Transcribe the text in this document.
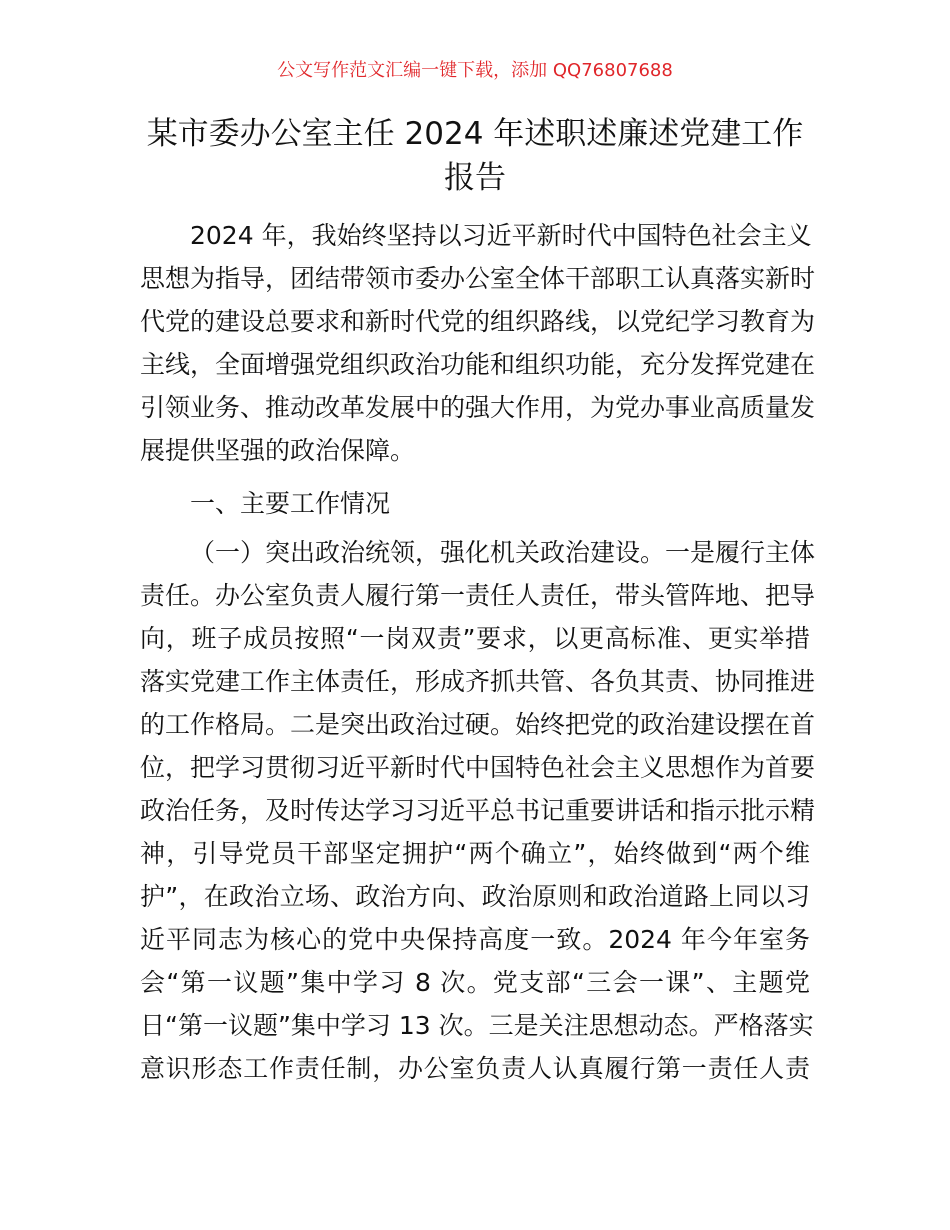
公文写作范文汇编一键下载，添加 QQ76807688
某市委办公室主任 2024 年述职述廉述党建工作
报告
2024 年，我始终坚持以习近平新时代中国特色社会主义
思想为指导，团结带领市委办公室全体干部职工认真落实新时
代党的建设总要求和新时代党的组织路线，以党纪学习教育为
主线，全面增强党组织政治功能和组织功能，充分发挥党建在
引领业务、推动改革发展中的强大作用，为党办事业高质量发
展提供坚强的政治保障。
一、主要工作情况
（一）突出政治统领，强化机关政治建设。一是履行主体
责任。办公室负责人履行第一责任人责任，带头管阵地、把导
向，班子成员按照“一岗双责”要求，以更高标准、更实举措
落实党建工作主体责任，形成齐抓共管、各负其责、协同推进
的工作格局。二是突出政治过硬。始终把党的政治建设摆在首
位，把学习贯彻习近平新时代中国特色社会主义思想作为首要
政治任务，及时传达学习习近平总书记重要讲话和指示批示精
神，引导党员干部坚定拥护“两个确立”，始终做到“两个维
护”，在政治立场、政治方向、政治原则和政治道路上同以习
近平同志为核心的党中央保持高度一致。2024 年今年室务
会“第一议题”集中学习 8 次。党支部“三会一课”、主题党
日“第一议题”集中学习 13 次。三是关注思想动态。严格落实
意识形态工作责任制，办公室负责人认真履行第一责任人责
